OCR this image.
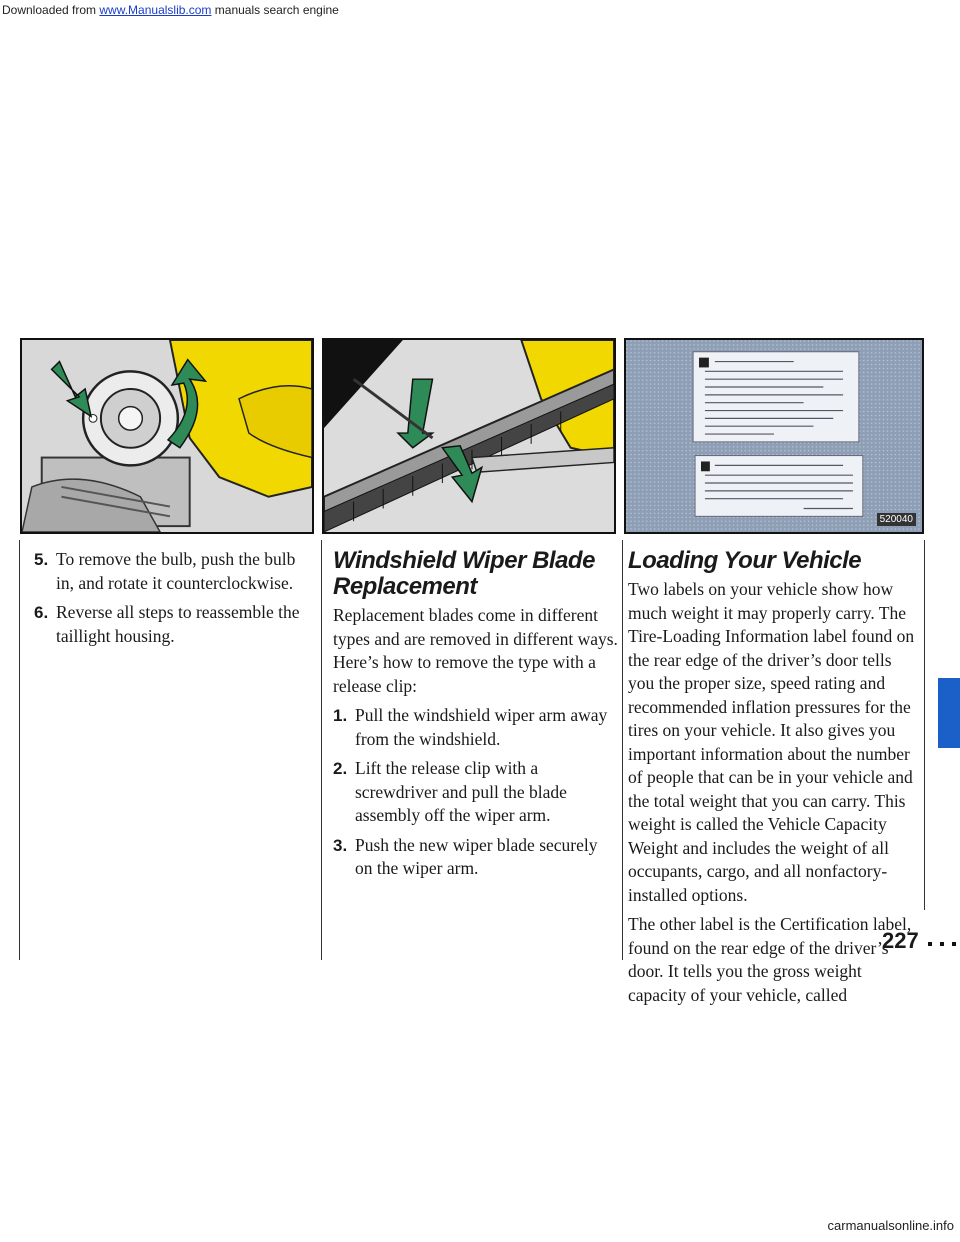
Downloaded from www.Manualslib.com manuals search engine
520040
5. To remove the bulb, push the bulb in, and rotate it counterclockwise.
6. Reverse all steps to reassemble the taillight housing.
Windshield Wiper Blade Replacement

Replacement blades come in different types and are removed in different ways. Here’s how to remove the type with a release clip:

1. Pull the windshield wiper arm away from the windshield.
2. Lift the release clip with a screwdriver and pull the blade assembly off the wiper arm.
3. Push the new wiper blade securely on the wiper arm.
Loading Your Vehicle

Two labels on your vehicle show how much weight it may properly carry. The Tire-Loading Information label found on the rear edge of the driver’s door tells you the proper size, speed rating and recommended inflation pressures for the tires on your vehicle. It also gives you important information about the number of people that can be in your vehicle and the total weight that you can carry. This weight is called the Vehicle Capacity Weight and includes the weight of all occupants, cargo, and all nonfactory-installed options.

The other label is the Certification label, found on the rear edge of the driver’s door. It tells you the gross weight capacity of your vehicle, called

227
carmanualsonline.info
